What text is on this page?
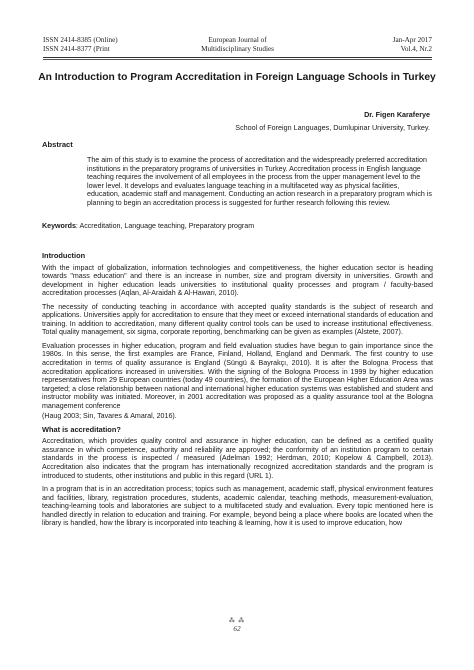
ISSN 2414-8385 (Online)
ISSN 2414-8377 (Print
European Journal of
Multidisciplinary Studies
Jan-Apr 2017
Vol.4, Nr.2
An Introduction to Program Accreditation in Foreign Language Schools in Turkey
Dr. Figen Karaferye
School of Foreign Languages, Dumlupinar University, Turkey.
Abstract
The aim of this study is to examine the process of accreditation and the widespreadly preferred accreditation institutions in the preparatory programs of universities in Turkey. Accreditation process in English language teaching requires the involvement of all employees in the process from the upper management level to the lower level. It develops and evaluates language teaching in a multifaceted way as physical facilities, education, academic staff and management. Conducting an action research in a preparatory program which is planning to begin an accreditation process is suggested for further research following this review.
Keywords: Accreditation, Language teaching, Preparatory program
Introduction

With the impact of globalization, information technologies and competitiveness, the higher education sector is heading towards "mass education" and there is an increase in number, size and program diversity in universities. Growth and development in higher education leads universities to institutional quality processes and program / faculty-based accreditation processes (Aqlan, Al-Araidah & Al-Hawari, 2010).

The necessity of conducting teaching in accordance with accepted quality standards is the subject of research and applications. Universities apply for accreditation to ensure that they meet or exceed international standards of education and training. In addition to accreditation, many different quality control tools can be used to increase institutional effectiveness. Total quality management, six sigma, corporate reporting, benchmarking can be given as examples (Alstete, 2007).

Evaluation processes in higher education, program and field evaluation studies have begun to gain importance since the 1980s. In this sense, the first examples are France, Finland, Holland, England and Denmark. The first country to use accreditation in terms of quality assurance is England (Süngü & Bayrakçı, 2010). It is after the Bologna Process that accreditation applications increased in universities. With the signing of the Bologna Process in 1999 by higher education representatives from 29 European countries (today 49 countries), the formation of the European Higher Education Area was targeted; a close relationship between national and international higher education systems was established and student and instructor mobility was initiated. Moreover, in 2001 accreditation was proposed as a quality assurance tool at the Bologna management conference

(Haug 2003; Sin, Tavares & Amaral, 2016).

What is accreditation?

Accreditation, which provides quality control and assurance in higher education, can be defined as a certified quality assurance in which competence, authority and reliability are approved; the conformity of an institution program to certain standards in the process is inspected / measured (Adelman 1992; Herdman, 2010; Kopelow & Campbell, 2013). Accreditation also indicates that the program has internationally recognized accreditation standards and the program is introduced to students, other institutions and public in this regard (URL 1).

In a program that is in an accreditation process; topics such as management, academic staff, physical environment features and facilities, library, registration procedures, students, academic calendar, teaching methods, measurement-evaluation, teaching-learning tools and laboratories are subject to a multifaceted study and evaluation. Every topic mentioned here is handled directly in relation to education and training. For example, beyond being a place where books are located when the library is handled, how the library is incorporated into teaching & learning, how it is used to improve education, how

⁂ ⁂
62
